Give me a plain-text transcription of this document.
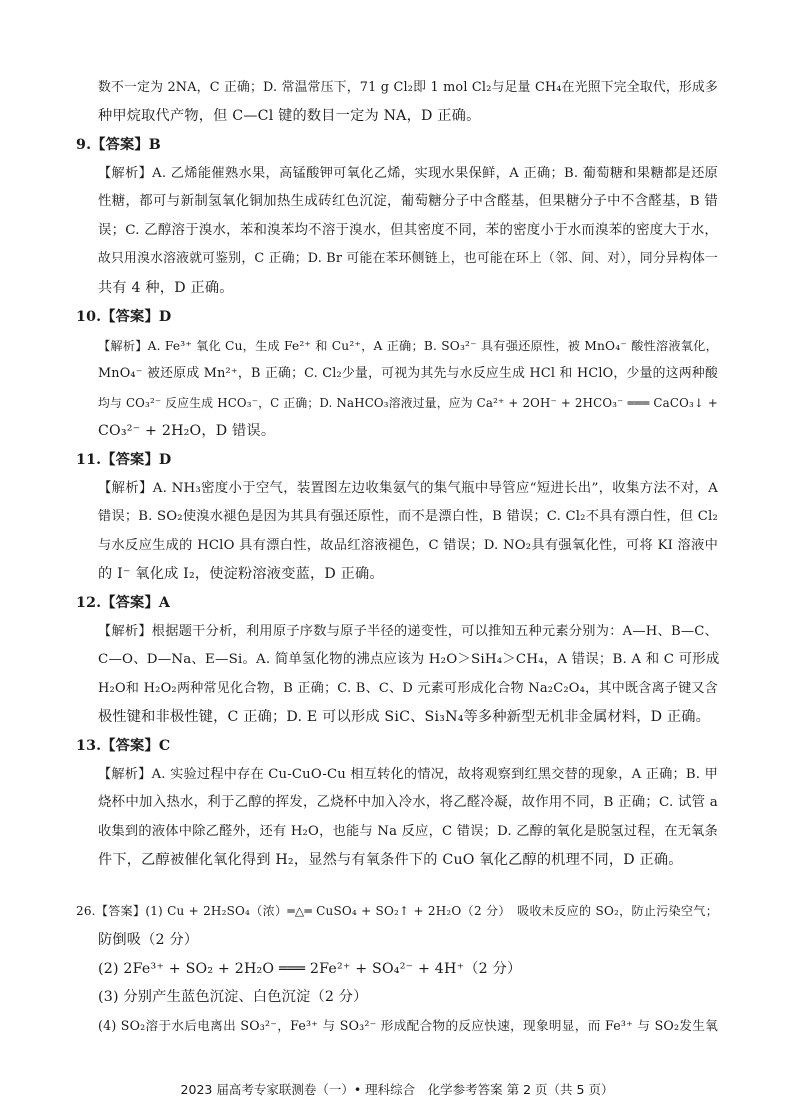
数不一定为 2NA，C 正确；D. 常温常压下，71 g Cl₂即 1 mol Cl₂与足量 CH₄在光照下完全取代，形成多
种甲烷取代产物，但 C—Cl 键的数目一定为 NA，D 正确。
9.【答案】B
【解析】A. 乙烯能催熟水果，高锰酸钾可氧化乙烯，实现水果保鲜，A 正确；B. 葡萄糖和果糖都是还原
性糖，都可与新制氢氧化铜加热生成砖红色沉淀，葡萄糖分子中含醛基，但果糖分子中不含醛基，B 错
误；C. 乙醇溶于溴水，苯和溴苯均不溶于溴水，但其密度不同，苯的密度小于水而溴苯的密度大于水，
故只用溴水溶液就可鉴别，C 正确；D. Br 可能在苯环侧链上，也可能在环上（邻、间、对），同分异构体一
共有 4 种，D 正确。
10.【答案】D
【解析】A. Fe³⁺ 氧化 Cu，生成 Fe²⁺ 和 Cu²⁺，A 正确；B. SO₃²⁻ 具有强还原性，被 MnO₄⁻ 酸性溶液氧化，
MnO₄⁻ 被还原成 Mn²⁺，B 正确；C. Cl₂少量，可视为其先与水反应生成 HCl 和 HClO，少量的这两种酸
均与 CO₃²⁻ 反应生成 HCO₃⁻，C 正确；D. NaHCO₃溶液过量，应为 Ca²⁺ + 2OH⁻ + 2HCO₃⁻ ═══ CaCO₃↓ +
CO₃²⁻ + 2H₂O，D 错误。
11.【答案】D
【解析】A. NH₃密度小于空气，装置图左边收集氨气的集气瓶中导管应“短进长出”，收集方法不对，A
错误；B. SO₂使溴水褪色是因为其具有强还原性，而不是漂白性，B 错误；C. Cl₂不具有漂白性，但 Cl₂
与水反应生成的 HClO 具有漂白性，故品红溶液褪色，C 错误；D. NO₂具有强氧化性，可将 KI 溶液中
的 I⁻ 氧化成 I₂，使淀粉溶液变蓝，D 正确。
12.【答案】A
【解析】根据题干分析，利用原子序数与原子半径的递变性，可以推知五种元素分别为：A—H、B—C、
C—O、D—Na、E—Si。A. 简单氢化物的沸点应该为 H₂O＞SiH₄＞CH₄，A 错误；B. A 和 C 可形成
H₂O和 H₂O₂两种常见化合物，B 正确；C. B、C、D 元素可形成化合物 Na₂C₂O₄，其中既含离子键又含
极性键和非极性键，C 正确；D. E 可以形成 SiC、Si₃N₄等多种新型无机非金属材料，D 正确。
13.【答案】C
【解析】A. 实验过程中存在 Cu-CuO-Cu 相互转化的情况，故将观察到红黑交替的现象，A 正确；B. 甲
烧杯中加入热水，利于乙醇的挥发，乙烧杯中加入冷水，将乙醛冷凝，故作用不同，B 正确；C. 试管 a
收集到的液体中除乙醛外，还有 H₂O，也能与 Na 反应，C 错误；D. 乙醇的氧化是脱氢过程，在无氧条
件下，乙醇被催化氧化得到 H₂，显然与有氧条件下的 CuO 氧化乙醇的机理不同，D 正确。
26.【答案】(1) Cu + 2H₂SO₄（浓）═△═ CuSO₄ + SO₂↑ + 2H₂O（2 分）　吸收未反应的 SO₂，防止污染空气；
防倒吸（2 分）
(2) 2Fe³⁺ + SO₂ + 2H₂O ═══ 2Fe²⁺ + SO₄²⁻ + 4H⁺（2 分）
(3) 分别产生蓝色沉淀、白色沉淀（2 分）
(4) SO₂溶于水后电离出 SO₃²⁻，Fe³⁺ 与 SO₃²⁻ 形成配合物的反应快速，现象明显，而 Fe³⁺ 与 SO₂发生氧
2023 届高考专家联测卷（一）• 理科综合　化学参考答案 第 2 页（共 5 页）
